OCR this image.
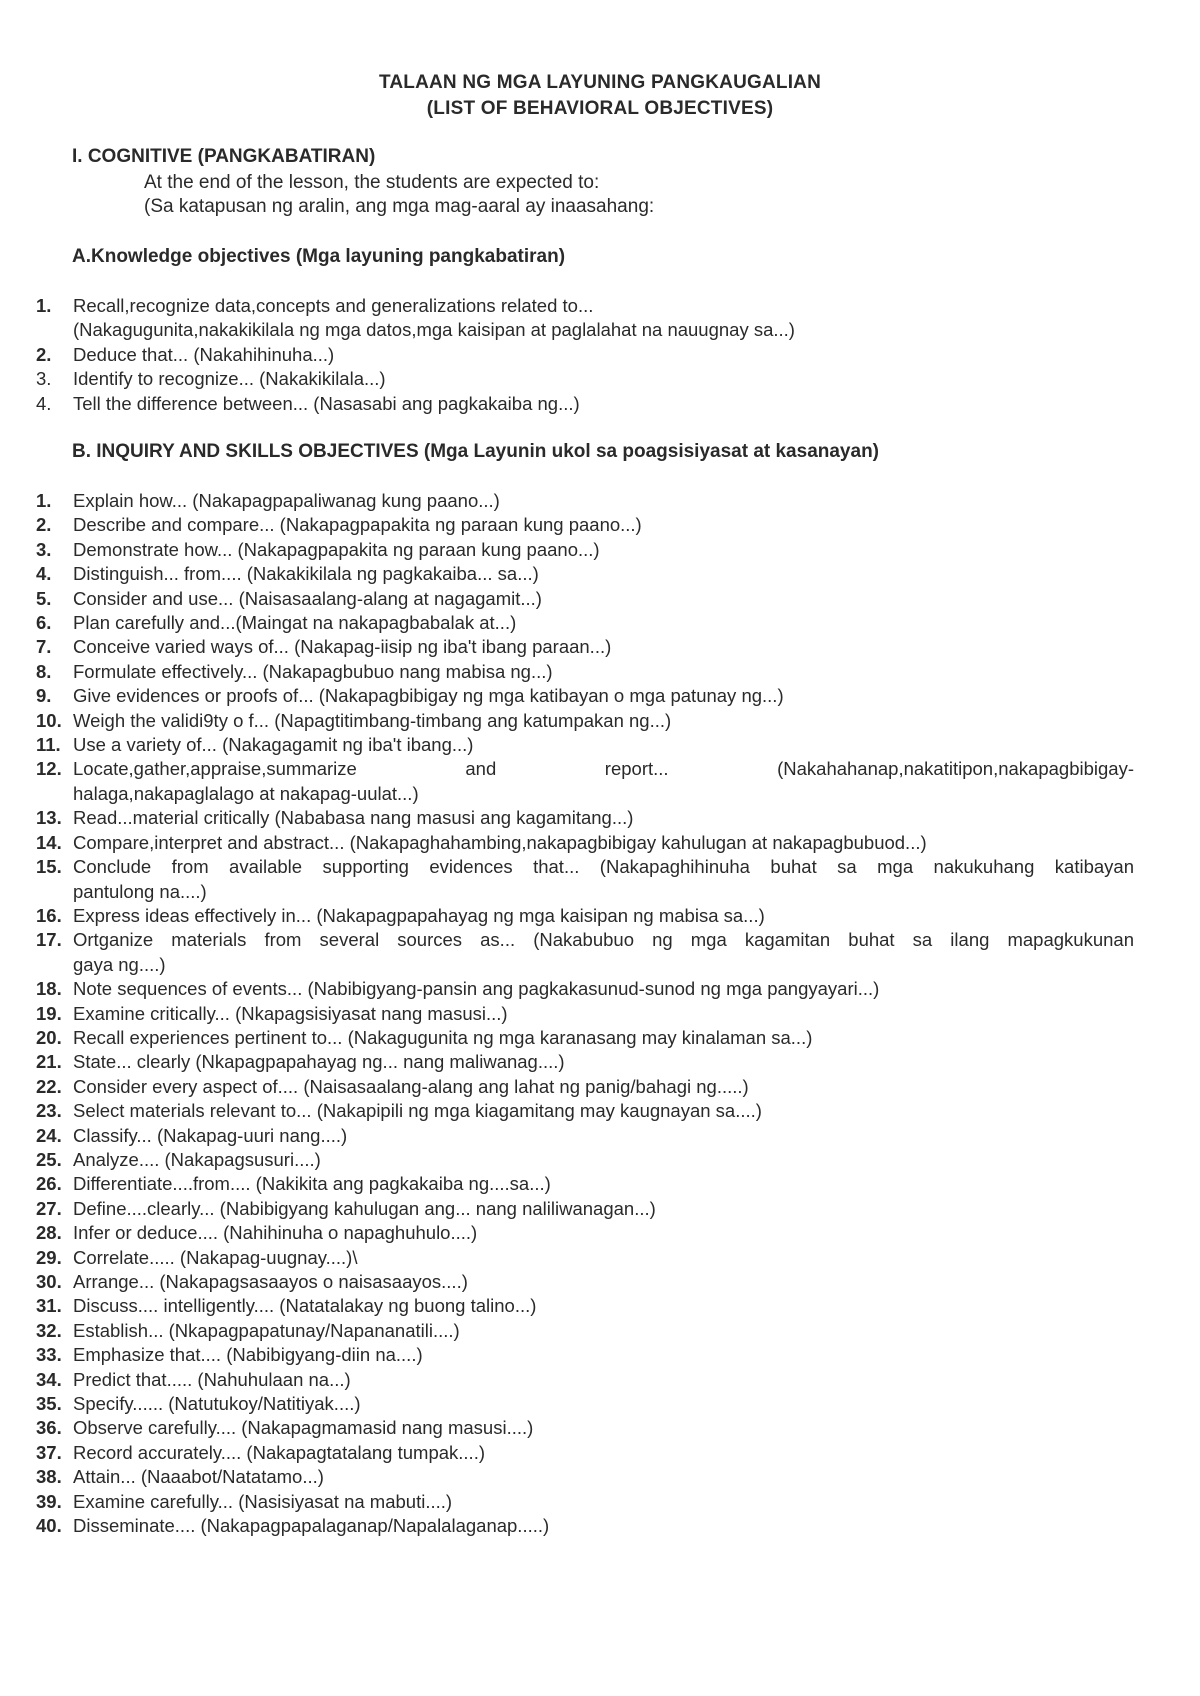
TALAAN NG MGA LAYUNING PANGKAUGALIAN
(LIST OF BEHAVIORAL OBJECTIVES)
I. COGNITIVE (PANGKABATIRAN)
At the end of the lesson, the students are expected to:
(Sa katapusan ng aralin, ang mga mag-aaral ay inaasahang:
A.Knowledge objectives (Mga layuning pangkabatiran)
1.	Recall,recognize data,concepts and generalizations related to...
(Nakagugunita,nakakikilala ng mga datos,mga kaisipan at paglalahat na nauugnay sa...)
2.	Deduce that... (Nakahihinuha...)
3.	Identify to recognize... (Nakakikilala...)
4.	Tell the difference between... (Nasasabi ang pagkakaiba ng...)
B. INQUIRY AND SKILLS OBJECTIVES (Mga Layunin ukol sa poagsisiyasat at kasanayan)
1.	Explain how... (Nakapagpapaliwanag kung paano...)
2.	Describe and compare... (Nakapagpapakita ng paraan kung paano...)
3.	Demonstrate how... (Nakapagpapakita ng paraan kung paano...)
4.	Distinguish... from.... (Nakakikilala ng pagkakaiba... sa...)
5.	Consider and use... (Naisasaalang-alang at nagagamit...)
6.	Plan carefully and...(Maingat na nakapagbabalak at...)
7.	Conceive varied ways of... (Nakapag-iisip ng iba't ibang paraan...)
8.	Formulate effectively... (Nakapagbubuo nang mabisa ng...)
9.	Give evidences or proofs of... (Nakapagbibigay ng mga katibayan o mga patunay ng...)
10. Weigh the validi9ty o f... (Napagtitimbang-timbang ang katumpakan ng...)
11. Use a variety of... (Nakagagamit ng iba't ibang...)
12. Locate,gather,appraise,summarize and report... (Nakahahanap,nakatitipon,nakapagbibigay-
halaga,nakapaglalago at nakapag-uulat...)
13. Read...material critically (Nababasa nang masusi ang kagamitang...)
14. Compare,interpret and abstract... (Nakapaghahambing,nakapagbibigay kahulugan at nakapagbubuod...)
15. Conclude from available supporting evidences that... (Nakapaghihinuha buhat sa mga nakukuhang katibayan
pantulong na....)
16. Express ideas effectively in... (Nakapagpapahayag ng mga kaisipan ng mabisa sa...)
17. Ortganize materials from several sources as... (Nakabubuo ng mga kagamitan buhat sa ilang mapagkukunan
gaya ng....)
18. Note sequences of events... (Nabibigyang-pansin ang pagkakasunud-sunod ng mga pangyayari...)
19. Examine critically... (Nkapagsisiyasat nang masusi...)
20. Recall experiences pertinent to... (Nakagugunita ng mga karanasang may kinalaman sa...)
21. State... clearly (Nkapagpapahayag ng... nang maliwanag....)
22. Consider every aspect of.... (Naisasaalang-alang ang lahat ng panig/bahagi ng.....)
23. Select materials relevant to... (Nakapipili ng mga kiagamitang may kaugnayan sa....)
24. Classify... (Nakapag-uuri nang....)
25. Analyze.... (Nakapagsusuri....)
26. Differentiate....from.... (Nakikita ang pagkakaiba ng....sa...)
27. Define....clearly... (Nabibigyang kahulugan ang... nang naliliwanagan...)
28. Infer or deduce.... (Nahihinuha o napaghuhulo....)
29. Correlate..... (Nakapag-uugnay....)\
30. Arrange... (Nakapagsasaayos o naisasaayos....)
31. Discuss.... intelligently.... (Natatalakay ng buong talino...)
32. Establish... (Nkapagpapatunay/Napananatili....)
33. Emphasize that.... (Nabibigyang-diin na....)
34. Predict that..... (Nahuhulaan na...)
35. Specify...... (Natutukoy/Natitiyak....)
36. Observe carefully.... (Nakapagmamasid nang masusi....)
37. Record accurately.... (Nakapagtatalang tumpak....)
38. Attain... (Naaabot/Natatamo...)
39. Examine carefully... (Nasisiyasat na mabuti....)
40. Disseminate.... (Nakapagpapalaganap/Napalalaganap.....)
